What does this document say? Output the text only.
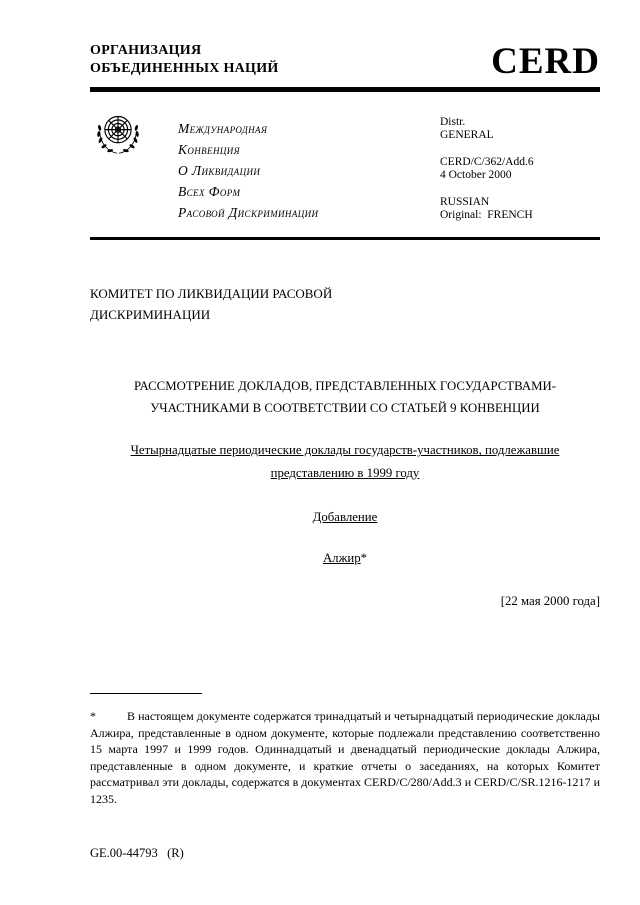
ОРГАНИЗАЦИЯ
ОБЪЕДИНЕННЫХ НАЦИЙ	CERD
Международная
Конвенция
О Ликвидации
Всех Форм
Расовой Дискриминации
Distr.
GENERAL
CERD/C/362/Add.6
4 October 2000
RUSSIAN
Original:  FRENCH
КОМИТЕТ ПО ЛИКВИДАЦИИ РАСОВОЙ
ДИСКРИМИНАЦИИ
РАССМОТРЕНИЕ ДОКЛАДОВ, ПРЕДСТАВЛЕННЫХ ГОСУДАРСТВАМИ-
УЧАСТНИКАМИ В СООТВЕТСТВИИ СО СТАТЬЕЙ 9 КОНВЕНЦИИ
Четырнадцатые периодические доклады государств-участников, подлежавшие
представлению в 1999 году
Добавление
Алжир*
[22 мая 2000 года]

*	В настоящем документе содержатся тринадцатый и четырнадцатый периодические доклады Алжира, представленные в одном документе, которые подлежали представлению соответственно 15 марта 1997 и 1999 годов. Одиннадцатый и двенадцатый периодические доклады Алжира, представленные в одном документе, и краткие отчеты о заседаниях, на которых Комитет рассматривал эти доклады, содержатся в документах CERD/C/280/Add.3 и CERD/C/SR.1216-1217 и 1235.

GE.00-44793   (R)
